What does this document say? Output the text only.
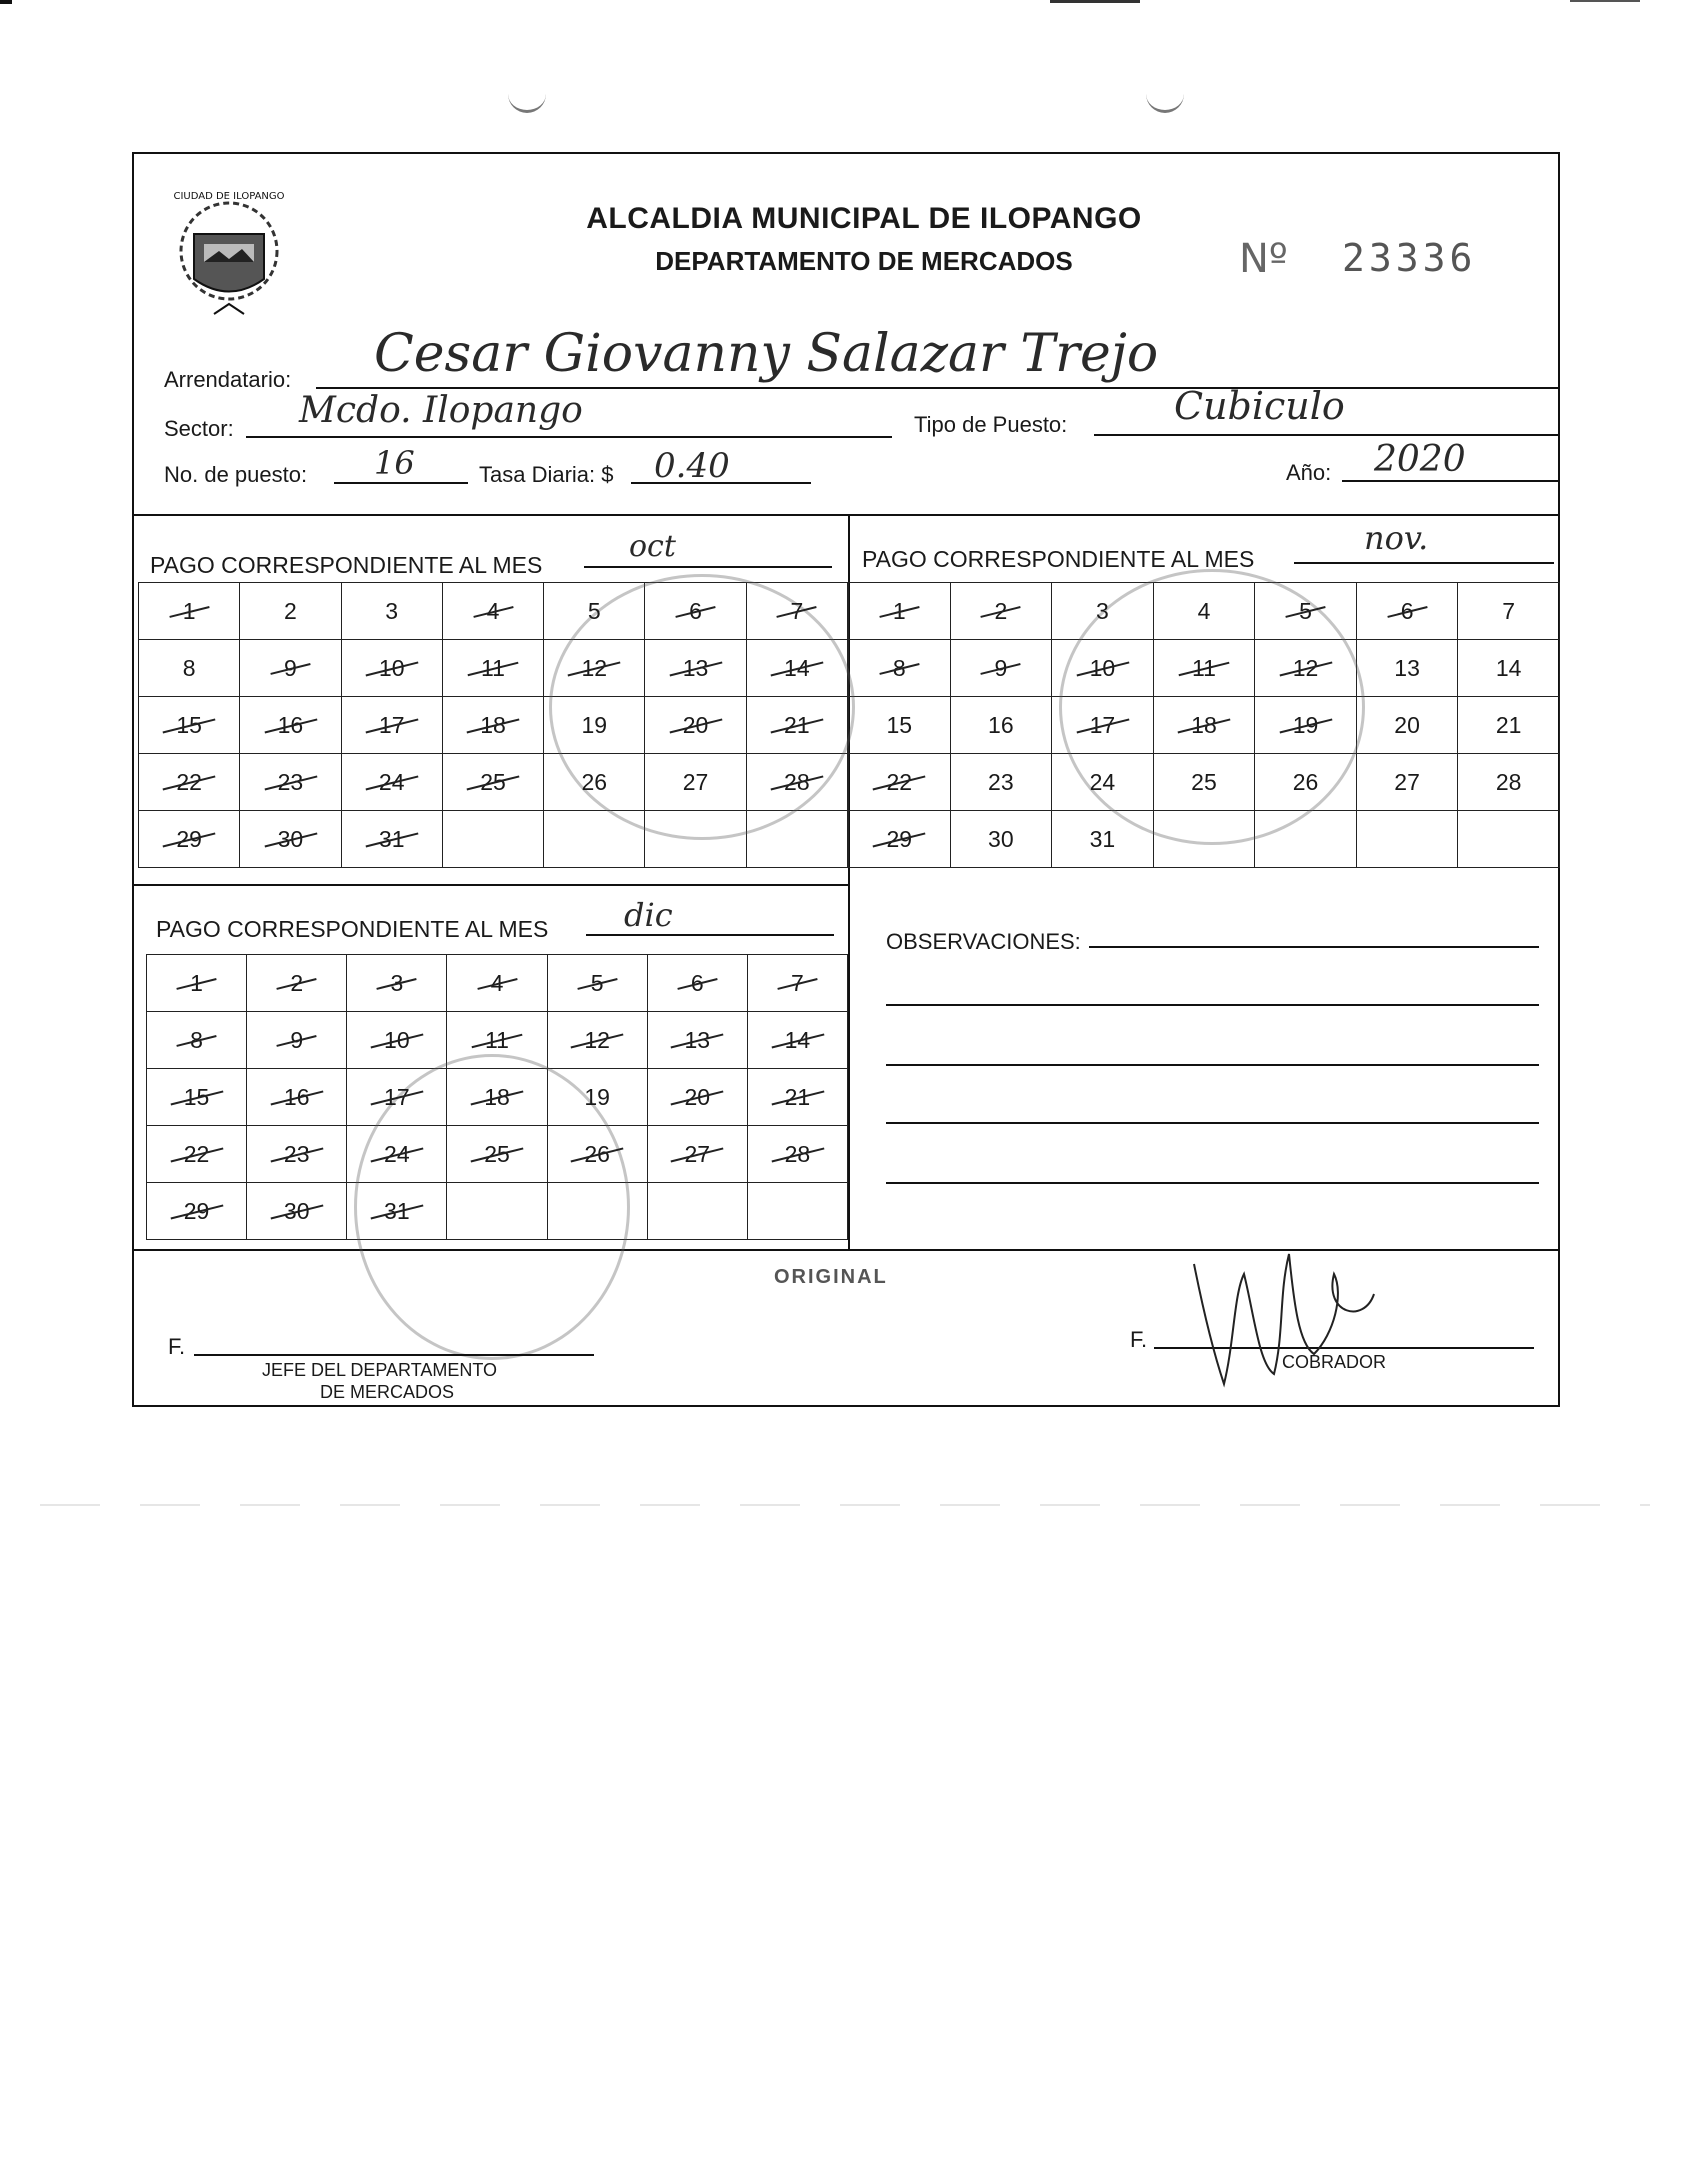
CIUDAD DE ILOPANGO
ALCALDIA MUNICIPAL DE ILOPANGO
DEPARTAMENTO DE MERCADOS	Nº 23336
Arrendatario: Cesar Giovanny Salazar Trejo
Sector: Mcdo. Ilopango	Tipo de Puesto:	Cubiculo
No. de puesto: 16	Tasa Diaria: $ 0.40	Año: 2020
PAGO CORRESPONDIENTE AL MES
oct
1	2	3	4	5	6	7
8	9	10	11	12	13	14
15	16	17	18	19	20	21
22	23	24	25	26	27	28
29	30	31				
PAGO CORRESPONDIENTE AL MES
nov.
1	2	3	4	5	6	7
8	9	10	11	12	13	14
15	16	17	18	19	20	21
22	23	24	25	26	27	28
29	30	31				
PAGO CORRESPONDIENTE AL MES dic
1	2	3	4	5	6	7
8	9	10	11	12	13	14
15	16	17	18	19	20	21
22	23	24	25	26	27	28
29	30	31				
OBSERVACIONES:
ORIGINAL
F.
JEFE DEL DEPARTAMENTO
DE MERCADOS
F.
COBRADOR
